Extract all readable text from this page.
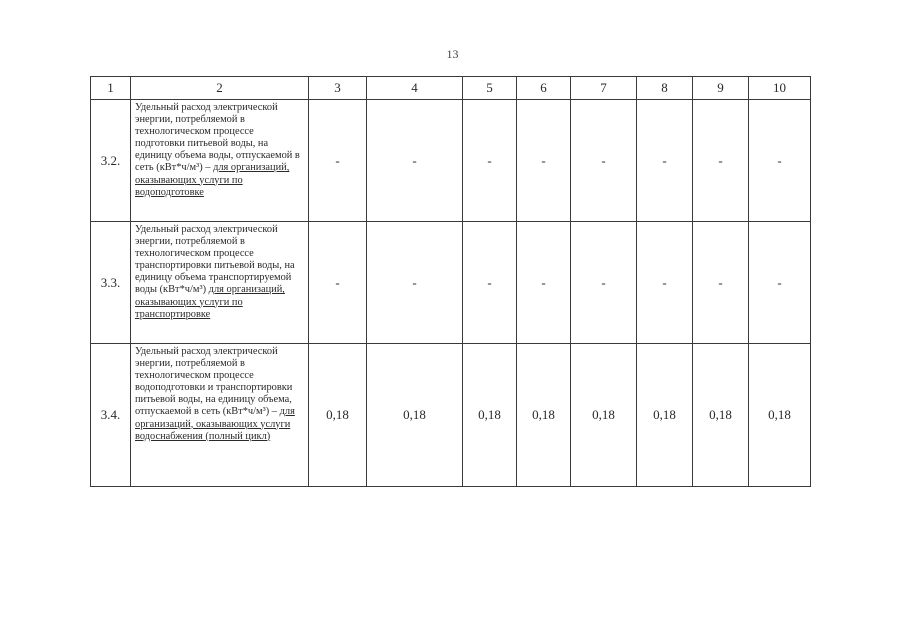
13
1	2	3	4	5	6	7	8	9	10
3.2.	Удельный расход электрической энергии, потребляемой в технологическом процессе подготовки питьевой воды, на единицу объема воды, отпускаемой в сеть (кВт*ч/м³) – для организаций, оказывающих услуги по водоподготовке	-	-	-	-	-	-	-	-
3.3.	Удельный расход электрической энергии, потребляемой в технологическом процессе транспортировки питьевой воды, на единицу объема транспортируемой воды (кВт*ч/м³) для организаций, оказывающих услуги по транспортировке	-	-	-	-	-	-	-	-
3.4.	Удельный расход электрической энергии, потребляемой в технологическом процессе водоподготовки и транспортировки питьевой воды, на единицу объема, отпускаемой в сеть (кВт*ч/м³) – для организаций, оказывающих услуги водоснабжения (полный цикл)	0,18	0,18	0,18	0,18	0,18	0,18	0,18	0,18
